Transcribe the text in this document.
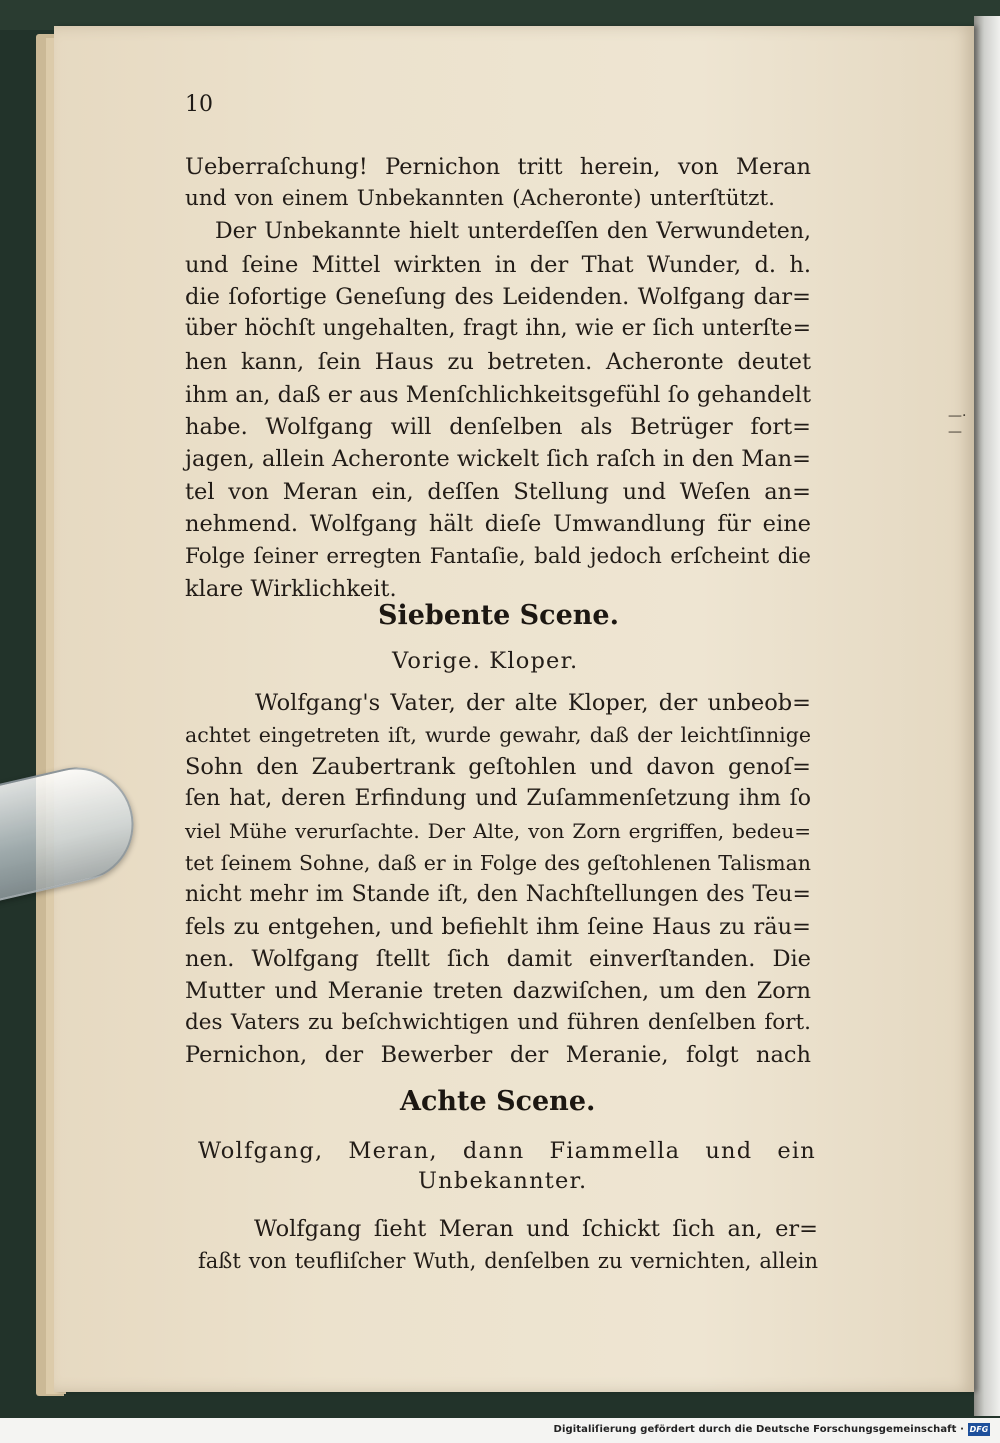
10
Ueberraſchung! Pernichon tritt herein, von Meran
und von einem Unbekannten (Acheronte) unterſtützt.
Der Unbekannte hielt unterdeſſen den Verwundeten,
und ſeine Mittel wirkten in der That Wunder, d. h.
die ſofortige Geneſung des Leidenden. Wolfgang dar=
über höchſt ungehalten, fragt ihn, wie er ſich unterſte=
hen kann, ſein Haus zu betreten. Acheronte deutet
ihm an, daß er aus Menſchlichkeitsgefühl ſo gehandelt
habe. Wolfgang will denſelben als Betrüger fort=
jagen, allein Acheronte wickelt ſich raſch in den Man=
tel von Meran ein, deſſen Stellung und Weſen an=
nehmend. Wolfgang hält dieſe Umwandlung für eine
Folge ſeiner erregten Fantaſie, bald jedoch erſcheint die
klare Wirklichkeit.
Siebente Scene.
Vorige. Kloper.
Wolfgang's Vater, der alte Kloper, der unbeob=
achtet eingetreten iſt, wurde gewahr, daß der leichtſinnige
Sohn den Zaubertrank geſtohlen und davon genoſ=
ſen hat, deren Erfindung und Zuſammenſetzung ihm ſo
viel Mühe verurſachte. Der Alte, von Zorn ergriffen, bedeu=
tet ſeinem Sohne, daß er in Folge des geſtohlenen Talisman
nicht mehr im Stande iſt, den Nachſtellungen des Teu=
fels zu entgehen, und befiehlt ihm ſeine Haus zu räu=
nen. Wolfgang ſtellt ſich damit einverſtanden. Die
Mutter und Meranie treten dazwiſchen, um den Zorn
des Vaters zu beſchwichtigen und führen denſelben fort.
Pernichon, der Bewerber der Meranie, folgt nach
Achte Scene.
Wolfgang, Meran, dann Fiammella und ein
Unbekannter.
Wolfgang ſieht Meran und ſchickt ſich an, er=
faßt von teufliſcher Wuth, denſelben zu vernichten, allein
—·—
Digitaliſierung gefördert durch die Deutsche Forschungsgemeinschaft · DFG
